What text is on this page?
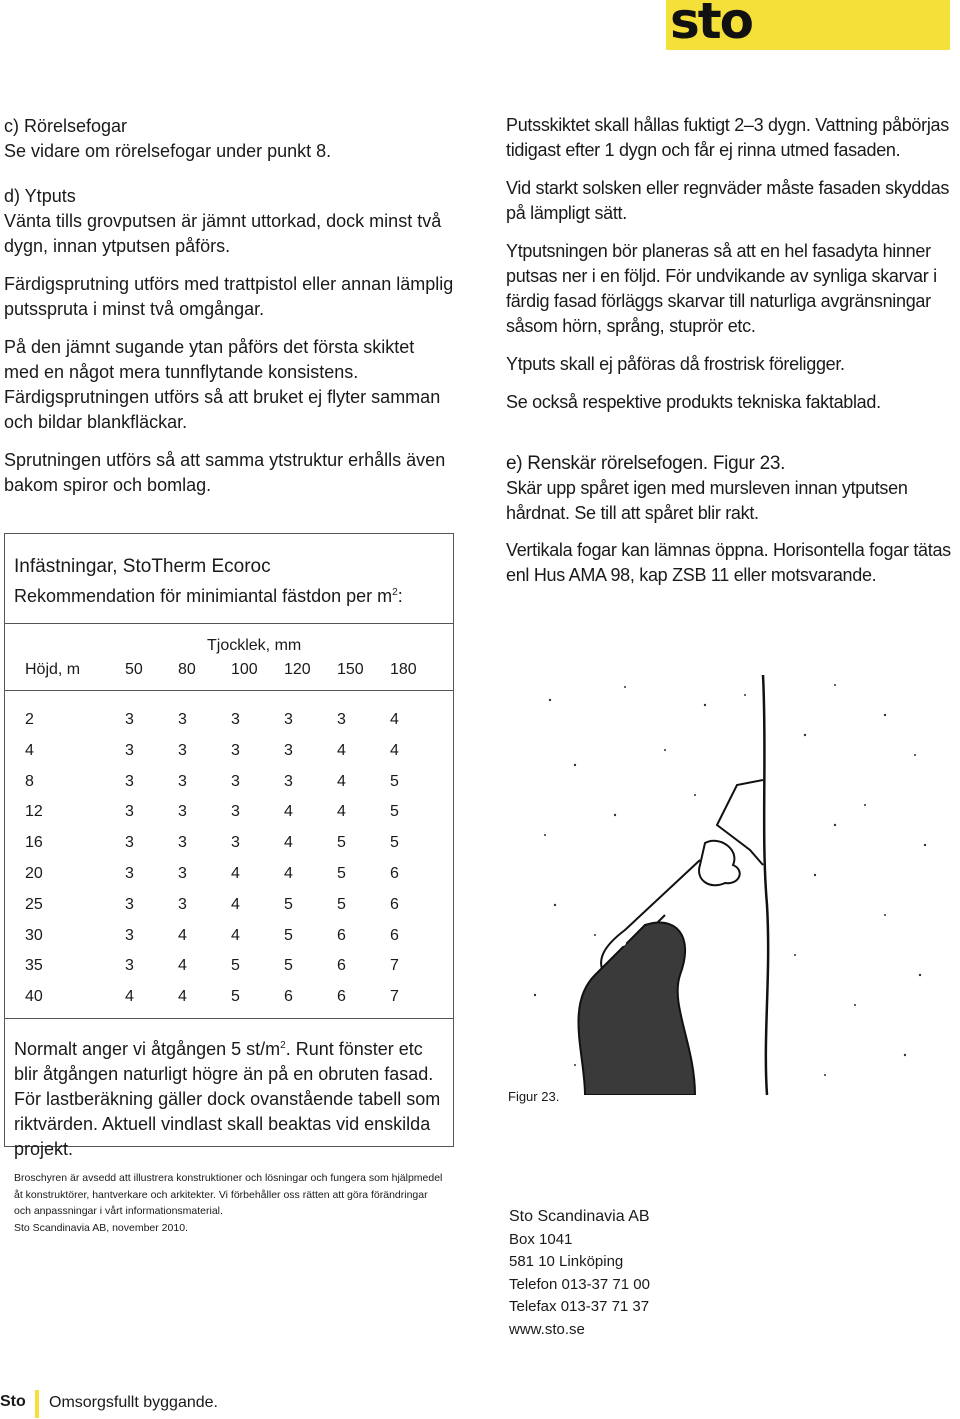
sto

c) Rörelsefogar
Se vidare om rörelsefogar under punkt 8.

d) Ytputs
Vänta tills grovputsen är jämnt uttorkad, dock minst två dygn, innan ytputsen påförs.

Färdigsprutning utförs med trattpistol eller annan lämplig putsspruta i minst två omgångar.

På den jämnt sugande ytan påförs det första skiktet med en något mera tunnflytande konsistens. Färdigsprutningen utförs så att bruket ej flyter samman och bildar blankfläckar.

Sprutningen utförs så att samma ytstruktur erhålls även bakom spiror och bomlag.

Putsskiktet skall hållas fuktigt 2–3 dygn. Vattning påbörjas tidigast efter 1 dygn och får ej rinna utmed fasaden.

Vid starkt solsken eller regnväder måste fasaden skyddas på lämpligt sätt.

Ytputsningen bör planeras så att en hel fasadyta hinner putsas ner i en följd. För undvikande av synliga skarvar i färdig fasad förläggs skarvar till naturliga avgränsningar såsom hörn, språng, stuprör etc.

Ytputs skall ej påföras då frostrisk föreligger.

Se också respektive produkts tekniska faktablad.

e) Renskär rörelsefogen. Figur 23.
Skär upp spåret igen med mursleven innan ytputsen hårdnat. Se till att spåret blir rakt.

Vertikala fogar kan lämnas öppna. Horisontella fogar tätas enl Hus AMA 98, kap ZSB 11 eller motsvarande.

Infästningar, StoTherm Ecoroc
Rekommendation för minimiantal fästdon per $m^2$:
Tjocklek, mm
Höjd, m	50 80 100 120 150 180
2	3	3	3	3	3	4
4	3	3	3	3	4	4
8	3	3	3	3	4	5
12	3	3	3	4	4	5
16	3	3	3	4	5	5
20	3	3	4	4	5	6
25	3	3	4	5	5	6
30	3	4	4	5	6	6
35	3	4	5	5	6	7
40	4	4	5	6	6	7
Normalt anger vi åtgången 5 $st/m^2$. Runt fönster etc blir åtgången naturligt högre än på en obruten fasad. För lastberäkning gäller dock ovanstående tabell som riktvärden. Aktuell vindlast skall beaktas vid enskilda projekt.
Figur 23.

Broschyren är avsedd att illustrera konstruktioner och lösningar och fungera som hjälpmedel åt konstruktörer, hantverkare och arkitekter. Vi förbehåller oss rätten att göra förändringar och anpassningar i vårt informationsmaterial.

Sto Scandinavia AB, november 2010.

Sto Scandinavia AB
Box 1041
581 10 Linköping
Telefon 013-37 71 00
Telefax 013-37 71 37
www.sto.se
Sto Omsorgsfullt byggande.
